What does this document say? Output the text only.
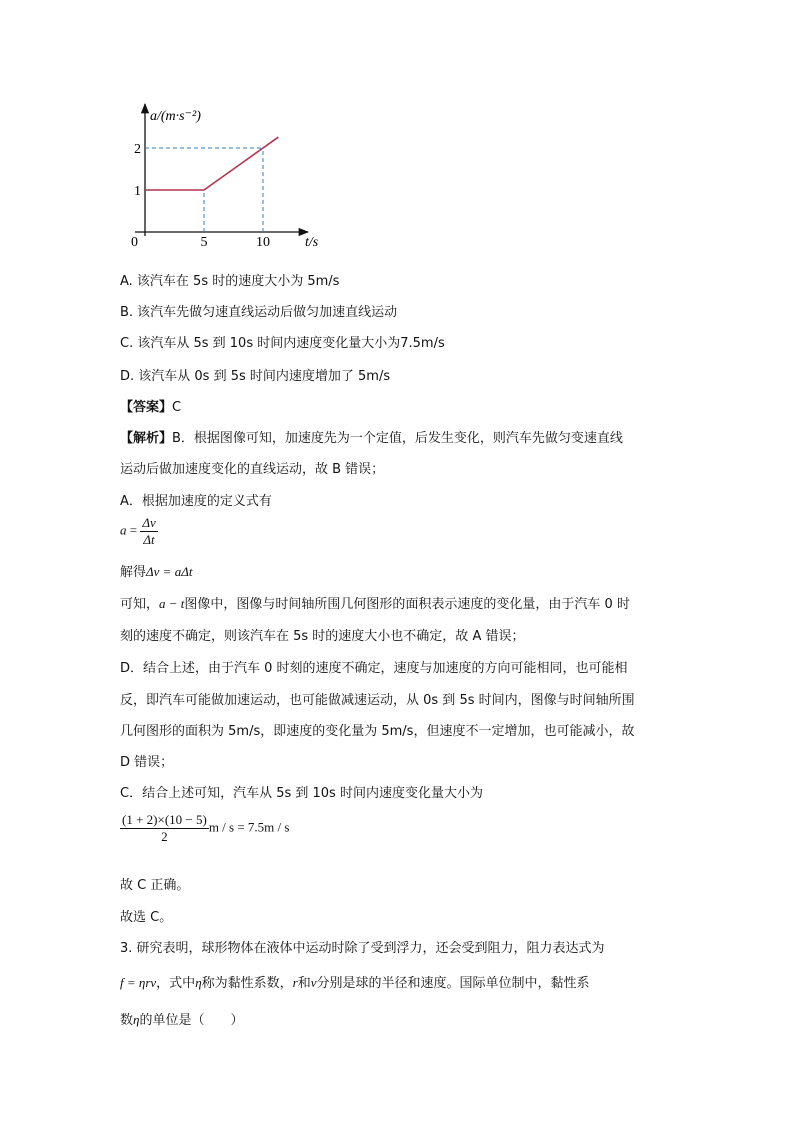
a/(m·s⁻²)
t/s
0	5	10
1
2
A. 该汽车在 5s 时的速度大小为 5m/s
B. 该汽车先做匀速直线运动后做匀加速直线运动
C. 该汽车从 5s 到 10s 时间内速度变化量大小为7.5m/s
D. 该汽车从 0s 到 5s 时间内速度增加了 5m/s
【答案】C
【解析】B．根据图像可知，加速度先为一个定值，后发生变化，则汽车先做匀变速直线
运动后做加速度变化的直线运动，故 B 错误；
A．根据加速度的定义式有
$a = \frac{\Delta v}{\Delta t}$
解得Δv = aΔt
可知，a − t图像中，图像与时间轴所围几何图形的面积表示速度的变化量，由于汽车 0 时
刻的速度不确定，则该汽车在 5s 时的速度大小也不确定，故 A 错误；
D．结合上述，由于汽车 0 时刻的速度不确定，速度与加速度的方向可能相同，也可能相
反，即汽车可能做加速运动，也可能做减速运动，从 0s 到 5s 时间内，图像与时间轴所围
几何图形的面积为 5m/s，即速度的变化量为 5m/s，但速度不一定增加，也可能减小，故
D 错误；
C．结合上述可知，汽车从 5s 到 10s 时间内速度变化量大小为
$\frac{(1 + 2)\times(10 - 5)}{2}$ m / s = 7.5m / s
故 C 正确。
故选 C。
3. 研究表明，球形物体在液体中运动时除了受到浮力，还会受到阻力，阻力表达式为
f = ηrv，式中η称为黏性系数，r和v分别是球的半径和速度。国际单位制中，黏性系
数η的单位是（　　）
